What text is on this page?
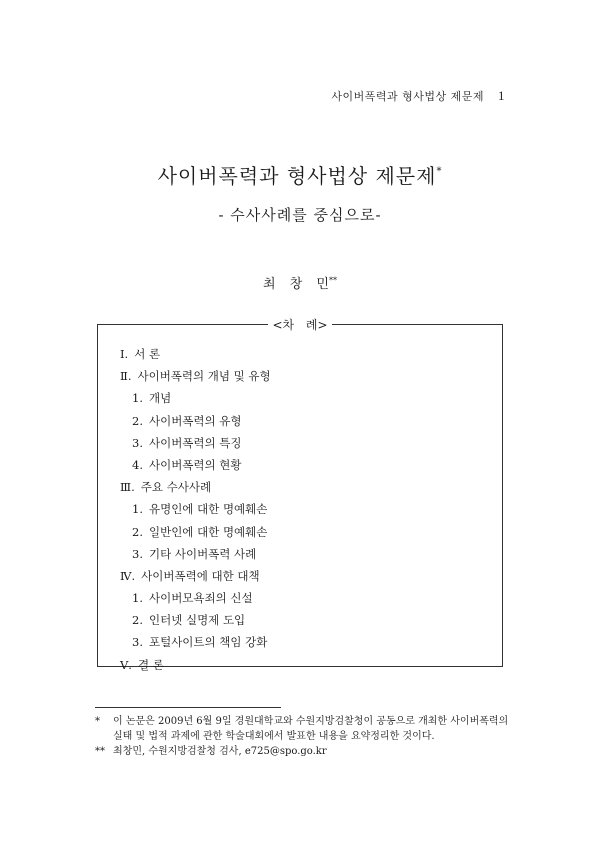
사이버폭력과 형사법상 제문제 1
사이버폭력과 형사법상 제문제*
- 수사사례를 중심으로-
최 창 민**
<차 례>
Ⅰ. 서 론
Ⅱ. 사이버폭력의 개념 및 유형
1. 개념
2. 사이버폭력의 유형
3. 사이버폭력의 특징
4. 사이버폭력의 현황
Ⅲ. 주요 수사사례
1. 유명인에 대한 명예훼손
2. 일반인에 대한 명예훼손
3. 기타 사이버폭력 사례
Ⅳ. 사이버폭력에 대한 대책
1. 사이버모욕죄의 신설
2. 인터넷 실명제 도입
3. 포털사이트의 책임 강화
Ⅴ. 결 론
* 이 논문은 2009년 6월 9일 경원대학교와 수원지방검찰청이 공동으로 개최한 사이버폭력의 실태 및 법적 과제에 관한 학술대회에서 발표한 내용을 요약정리한 것이다.
** 최창민, 수원지방검찰청 검사, e725@spo.go.kr
